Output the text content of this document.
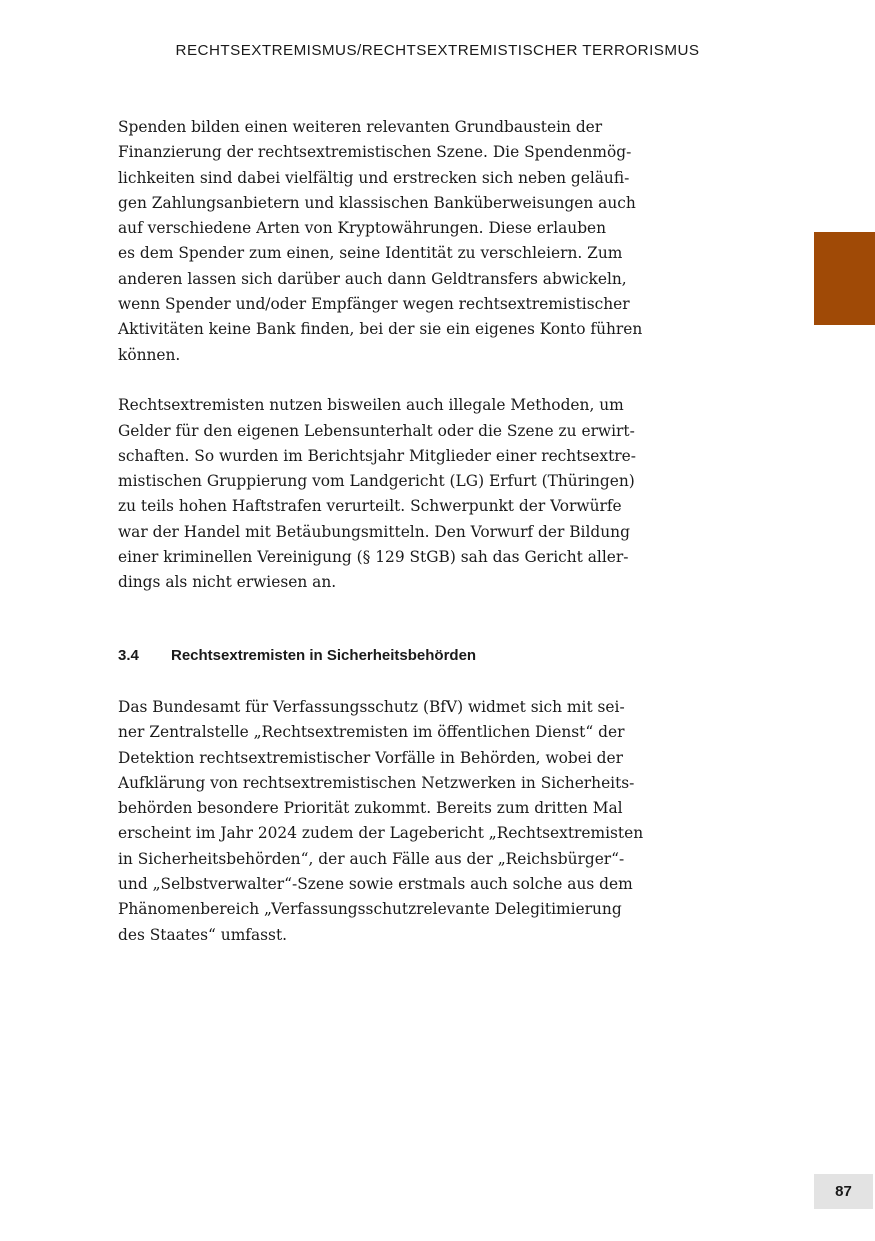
RECHTSEXTREMISMUS/RECHTSEXTREMISTISCHER TERRORISMUS

Spenden bilden einen weiteren relevanten Grundbaustein der
Finanzierung der rechtsextremistischen Szene. Die Spendenmög-
lichkeiten sind dabei vielfältig und erstrecken sich neben geläufi-
gen Zahlungsanbietern und klassischen Banküberweisungen auch
auf verschiedene Arten von Kryptowährungen. Diese erlauben
es dem Spender zum einen, seine Identität zu verschleiern. Zum
anderen lassen sich darüber auch dann Geldtransfers abwickeln,
wenn Spender und/oder Empfänger wegen rechtsextremistischer
Aktivitäten keine Bank finden, bei der sie ein eigenes Konto führen
können.

Rechtsextremisten nutzen bisweilen auch illegale Methoden, um
Gelder für den eigenen Lebensunterhalt oder die Szene zu erwirt-
schaften. So wurden im Berichtsjahr Mitglieder einer rechtsextre-
mistischen Gruppierung vom Landgericht (LG) Erfurt (Thüringen)
zu teils hohen Haftstrafen verurteilt. Schwerpunkt der Vorwürfe
war der Handel mit Betäubungsmitteln. Den Vorwurf der Bildung
einer kriminellen Vereinigung (§ 129 StGB) sah das Gericht aller-
dings als nicht erwiesen an.

3.4 Rechtsextremisten in Sicherheitsbehörden

Das Bundesamt für Verfassungsschutz (BfV) widmet sich mit sei-
ner Zentralstelle „Rechtsextremisten im öffentlichen Dienst“ der
Detektion rechtsextremistischer Vorfälle in Behörden, wobei der
Aufklärung von rechtsextremistischen Netzwerken in Sicherheits-
behörden besondere Priorität zukommt. Bereits zum dritten Mal
erscheint im Jahr 2024 zudem der Lagebericht „Rechtsextremisten
in Sicherheitsbehörden“, der auch Fälle aus der „Reichsbürger“-
und „Selbstverwalter“-Szene sowie erstmals auch solche aus dem
Phänomenbereich „Verfassungsschutzrelevante Delegitimierung
des Staates“ umfasst.

87
